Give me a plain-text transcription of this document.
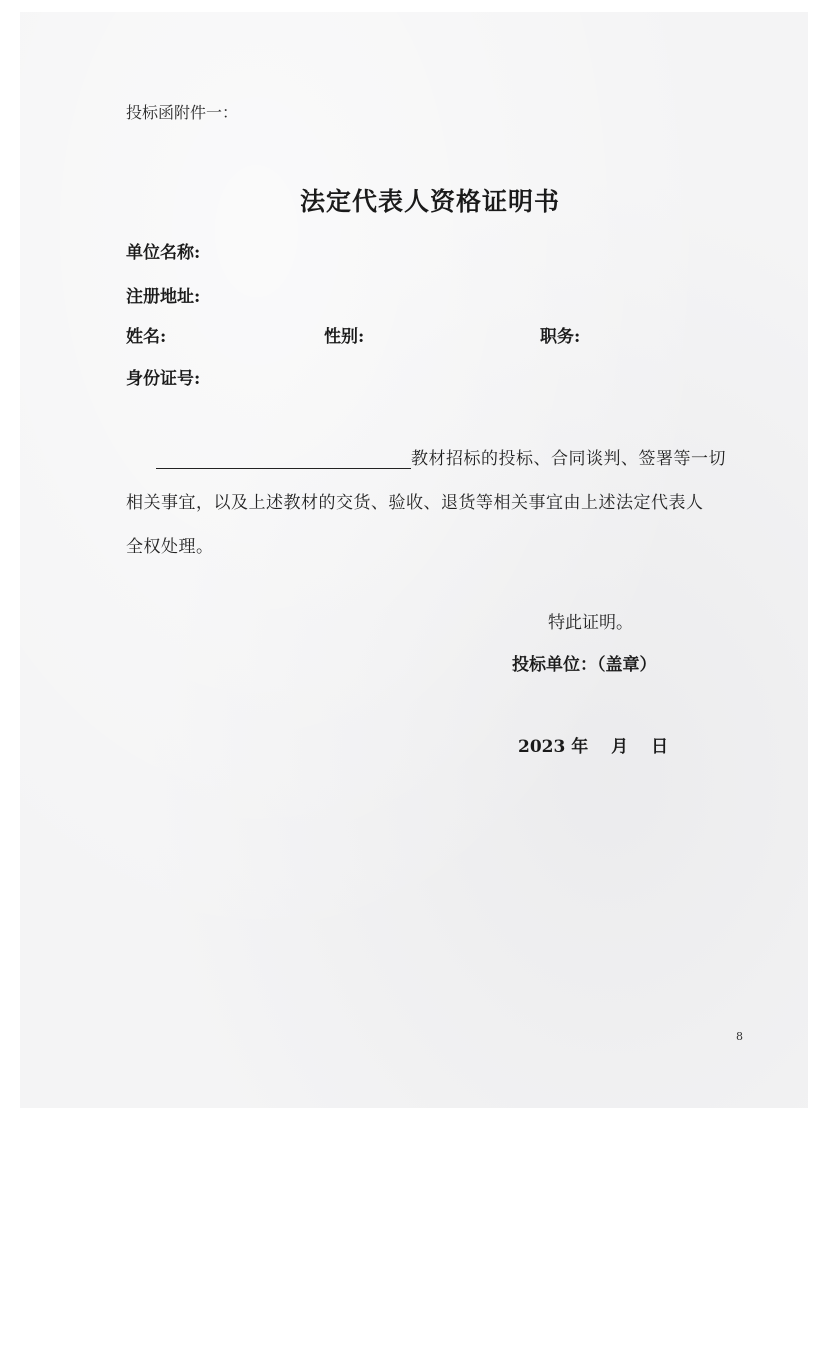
投标函附件一：
法定代表人资格证明书
单位名称:
注册地址:
姓名:	性别:	职务:
身份证号:
教材招标的投标、合同谈判、签署等一切
相关事宜，以及上述教材的交货、验收、退货等相关事宜由上述法定代表人
全权处理。
特此证明。
投标单位：（盖章）
2023 年　 月　 日
8
